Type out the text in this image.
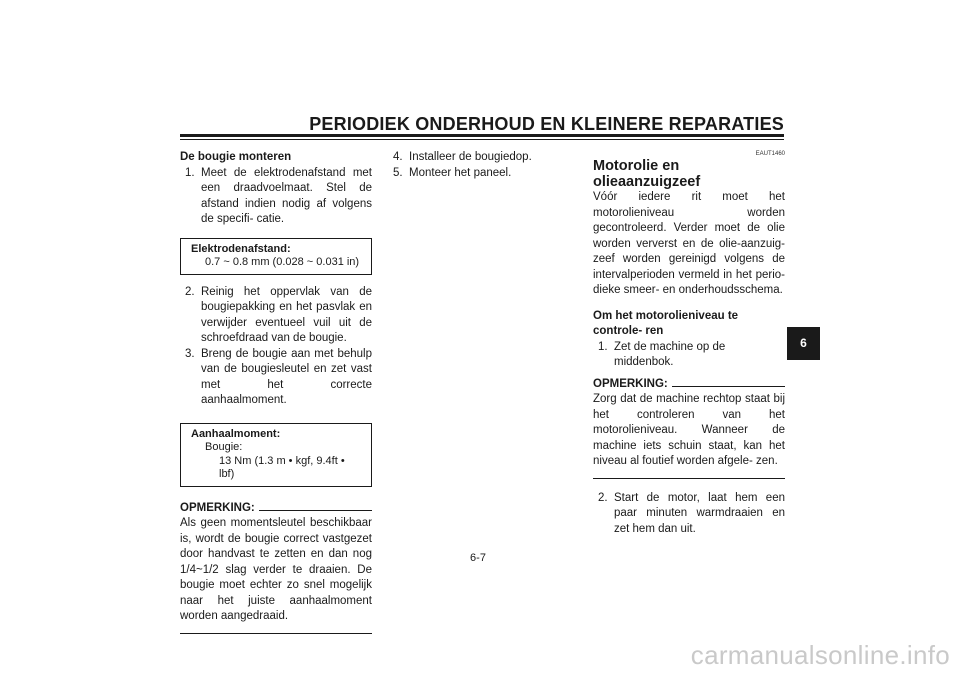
PERIODIEK ONDERHOUD EN KLEINERE REPARATIES
De bougie monteren

1. Meet de elektrodenafstand met een draadvoelmaat. Stel de afstand indien nodig af volgens de specifi- catie.

Elektrodenafstand:
0.7 ~ 0.8 mm (0.028 ~ 0.031 in)

2. Reinig het oppervlak van de bougiepakking en het pasvlak en verwijder eventueel vuil uit de schroefdraad van de bougie.

3. Breng de bougie aan met behulp van de bougiesleutel en zet vast met het correcte aanhaalmoment.

Aanhaalmoment:
Bougie:
13 Nm (1.3 m • kgf, 9.4ft • lbf)
OPMERKING:
Als geen momentsleutel beschikbaar is, wordt de bougie correct vastgezet door handvast te zetten en dan nog 1/4~1/2 slag verder te draaien. De bougie moet echter zo snel mogelijk naar het juiste aanhaalmoment worden aangedraaid.

4. Installeer de bougiedop.

5. Monteer het paneel.

EAUT1460
Motorolie en olieaanzuigzeef
Vóór iedere rit moet het motorolieniveau worden gecontroleerd. Verder moet de olie worden ververst en de olie-aanzuig- zeef worden gereinigd volgens de intervalperioden vermeld in het perio- dieke smeer- en onderhoudsschema.
Om het motorolieniveau te controle- ren

1. Zet de machine op de middenbok.

OPMERKING:
Zorg dat de machine rechtop staat bij het controleren van het motorolieniveau. Wanneer de machine iets schuin staat, kan het niveau al foutief worden afgele- zen.

2. Start de motor, laat hem een paar minuten warmdraaien en zet hem dan uit.

6
6-7
carmanualsonline.info
